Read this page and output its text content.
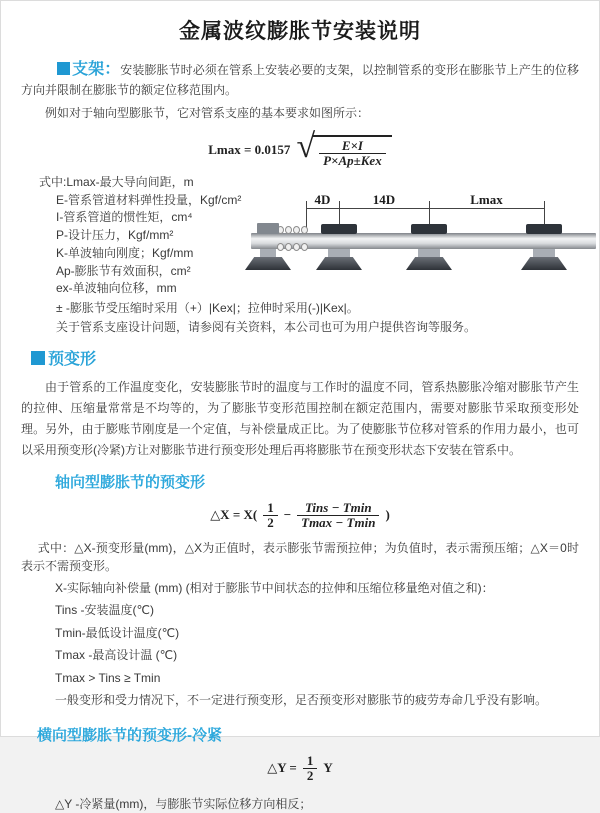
金属波纹膨胀节安装说明

支架：安装膨胀节时必须在管系上安装必要的支架，以控制管系的变形在膨胀节上产生的位移方向并限制在膨胀节的额定位移范围内。

例如对于轴向型膨胀节，它对管系支座的基本要求如图所示：

Lmax = 0.0157 √ $\frac{E\times I}{\text{P×Ap±Kex}}$
式中:Lmax-最大导向间距，m
E-管系管道材料弹性投量，Kgf/cm²
I-管系管道的惯性矩，cm⁴
P-设计压力，Kgf/mm²
K-单波轴向刚度；Kgf/mm
Ap-膨胀节有效面积，cm²
ex-单波轴向位移，mm
± -膨胀节受压缩时采用（+）|Kex|；拉伸时采用(-)|Kex|。
关于管系支座设计问题，请参阅有关资料，本公司也可为用户提供咨询等服务。
4D	14D	Lmax
预变形

由于管系的工作温度变化，安装膨胀节时的温度与工作时的温度不同，管系热膨胀冷缩对膨胀节产生的拉伸、压缩量常常是不均等的，为了膨胀节变形范围控制在额定范围内，需要对膨胀节采取预变形处理。另外，由于膨账节刚度是一个定值，与补偿量成正比。为了使膨胀节位移对管系的作用力最小，也可以采用预变形(冷紧)方让对膨胀节进行预变形处理后再将膨胀节在预变形状态下安装在管系中。

轴向型膨胀节的预变形
△X = $X( \frac{1}{2} - \frac{\text{Tins − Tmin}}{Tmax - Tmin}$ )

式中：△X-预变形量(mm)，△X为正值时，表示膨张节需预拉伸；为负值时，表示需预压缩；△X＝0时表示不需预变形。

X-实际轴向补偿量 (mm) (相对于膨胀节中间状态的拉伸和压缩位移量绝对值之和)：
Tins -安装温度(℃)
Tmin-最低设计温度(℃)
Tmax -最高设计温 (℃)
Tmax > Tins ≥ Tmin
一般变形和受力情况下，不一定进行预变形，足否预变形对膨胀节的疲劳寿命几乎没有影响。
横向型膨胀节的预变形-冷紧
△Y = $\frac{1}{2}$ Y
△Y -冷紧量(mm)，与膨胀节实际位移方向相反；
